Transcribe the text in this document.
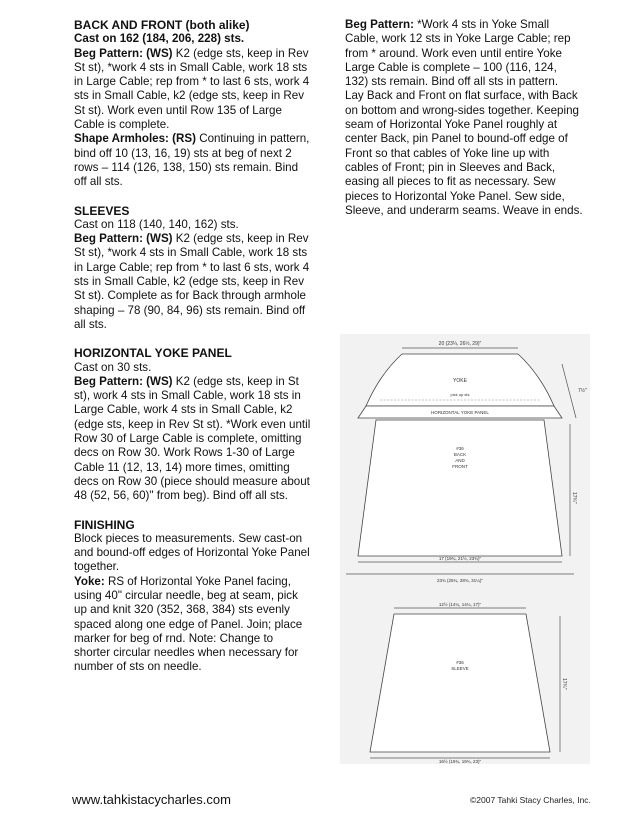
BACK AND FRONT (both alike)

Cast on 162 (184, 206, 228) sts.

Beg Pattern: (WS) K2 (edge sts, keep in Rev St st), *work 4 sts in Small Cable, work 18 sts in Large Cable; rep from * to last 6 sts, work 4 sts in Small Cable, k2 (edge sts, keep in Rev St st). Work even until Row 135 of Large Cable is complete.

Shape Armholes: (RS) Continuing in pattern, bind off 10 (13, 16, 19) sts at beg of next 2 rows – 114 (126, 138, 150) sts remain. Bind off all sts.

SLEEVES

Cast on 118 (140, 140, 162) sts.

Beg Pattern: (WS) K2 (edge sts, keep in Rev St st), *work 4 sts in Small Cable, work 18 sts in Large Cable; rep from * to last 6 sts, work 4 sts in Small Cable, k2 (edge sts, keep in Rev St st). Complete as for Back through armhole shaping – 78 (90, 84, 96) sts remain. Bind off all sts.

HORIZONTAL YOKE PANEL

Cast on 30 sts.

Beg Pattern: (WS) K2 (edge sts, keep in St st), work 4 sts in Small Cable, work 18 sts in Large Cable, work 4 sts in Small Cable, k2 (edge sts, keep in Rev St st). *Work even until Row 30 of Large Cable is complete, omitting decs on Row 30. Work Rows 1-30 of Large Cable 11 (12, 13, 14) more times, omitting decs on Row 30 (piece should measure about 48 (52, 56, 60)" from beg). Bind off all sts.

FINISHING

Block pieces to measurements. Sew cast-on and bound-off edges of Horizontal Yoke Panel together.

Yoke: RS of Horizontal Yoke Panel facing, using 40" circular needle, beg at seam, pick up and knit 320 (352, 368, 384) sts evenly spaced along one edge of Panel. Join; place marker for beg of rnd. Note: Change to shorter circular needles when necessary for number of sts on needle.

Beg Pattern: *Work 4 sts in Yoke Small Cable, work 12 sts in Yoke Large Cable; rep from * around. Work even until entire Yoke Large Cable is complete – 100 (116, 124, 132) sts remain. Bind off all sts in pattern.

Lay Back and Front on flat surface, with Back on bottom and wrong-sides together. Keeping seam of Horizontal Yoke Panel roughly at center Back, pin Panel to bound-off edge of Front so that cables of Yoke line up with cables of Front; pin in Sleeves and Back, easing all pieces to fit as necessary. Sew pieces to Horizontal Yoke Panel. Sew side, Sleeve, and underarm seams. Weave in ends.

20 (23¼, 26½, 29)"
YOKE
pick up sts
HORIZONTAL YOKE PANEL
7½"
#36
BACK
AND
FRONT
17¾"
17 (19¾, 21½, 23¾)"
23¾ (25¾, 28¾, 31¼)"
12½ (14¼, 14¼, 17)"
#36
SLEEVE
17¾"
16½ (19¾, 19¾, 23)"
www.tahkistacycharles.com	©2007 Tahki Stacy Charles, Inc.
